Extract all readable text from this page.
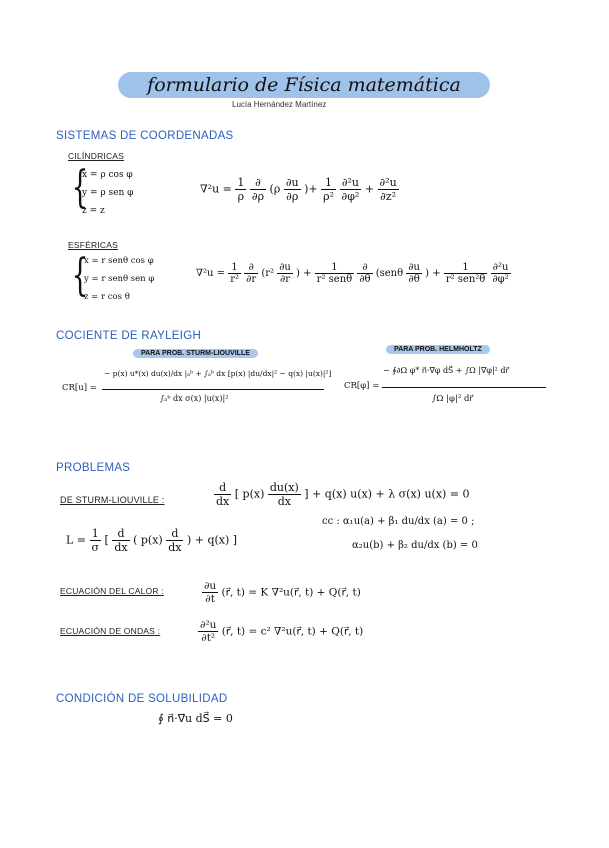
formulario de Física matemática
Lucía Hernández Martínez
SISTEMAS DE COORDENADAS
CILÍNDRICAS
{
x = ρ cos φ
y = ρ sen φ
z = z
$\nabla^2u = \frac{1}{\rho}$
$\frac{\partial}{\partial\rho} (\rho \frac{\partial u}{\partial\rho}$ )+ $\frac{1}{\text{ρ²}}$
$\frac{\text{∂²u}}{\text{∂φ²}} + \frac{\text{∂²u}}{\text{∂z²}}$
ESFÉRICAS
{
x = r senθ cos φ
y = r senθ sen φ
z = r cos θ
$\nabla^2u = \frac{1}{\text{r²}}$
$\frac{\partial}{\partial r} (r^2 \frac{\partial u}{\partial r}$ ) + $\frac{1}{\text{r² senθ}}$
$\frac{\partial}{\partial\theta} (sen\theta \frac{\partial u}{\partial\theta}$ ) + $\frac{1}{\text{r² sen²θ}}$
$\frac{\text{∂²u}}{\text{∂φ²}}$
COCIENTE DE RAYLEIGH
PARA PROB. STURM-LIOUVILLE
PARA PROB. HELMHOLTZ
CR[u] =
− p(x) u*(x) du(x)/dx |ₐᵇ + ∫ₐᵇ dx [p(x) |du/dx|² − q(x) |u(x)|²]
∫ₐᵇ dx σ(x) |u(x)|²
CR[φ] =
− ∮∂Ω φ* n⃗·∇⃗φ dS⃗ + ∫Ω |∇⃗φ|² dr⃗
∫Ω |φ|² dr⃗
PROBLEMAS
DE STURM-LIOUVILLE :	$\frac{d}{dx}$ [ $p(x) \frac{du(x)}{dx}$ ] + q(x) u(x) + λ σ(x) u(x) = 0
$L = \frac{1}{\sigma}$ [ $\frac{d}{dx}$ ( $p(x) \frac{d}{dx}$ ) + q(x) ]
cc : α₁u(a) + β₁ du/dx (a) = 0 ;
α₂u(b) + β₂ du/dx (b) = 0
ECUACIÓN DEL CALOR :	$\frac{\partial u}{\partial t}$ (r⃗, t) = K ∇²u(r⃗, t) + Q(r⃗, t)
ECUACIÓN DE ONDAS :	$\frac{\text{∂²u}}{\text{∂t²}}$ (r⃗, t) = c² ∇²u(r⃗, t) + Q(r⃗, t)
CONDICIÓN DE SOLUBILIDAD
∮ n⃗·∇⃗u dS⃗ = 0
